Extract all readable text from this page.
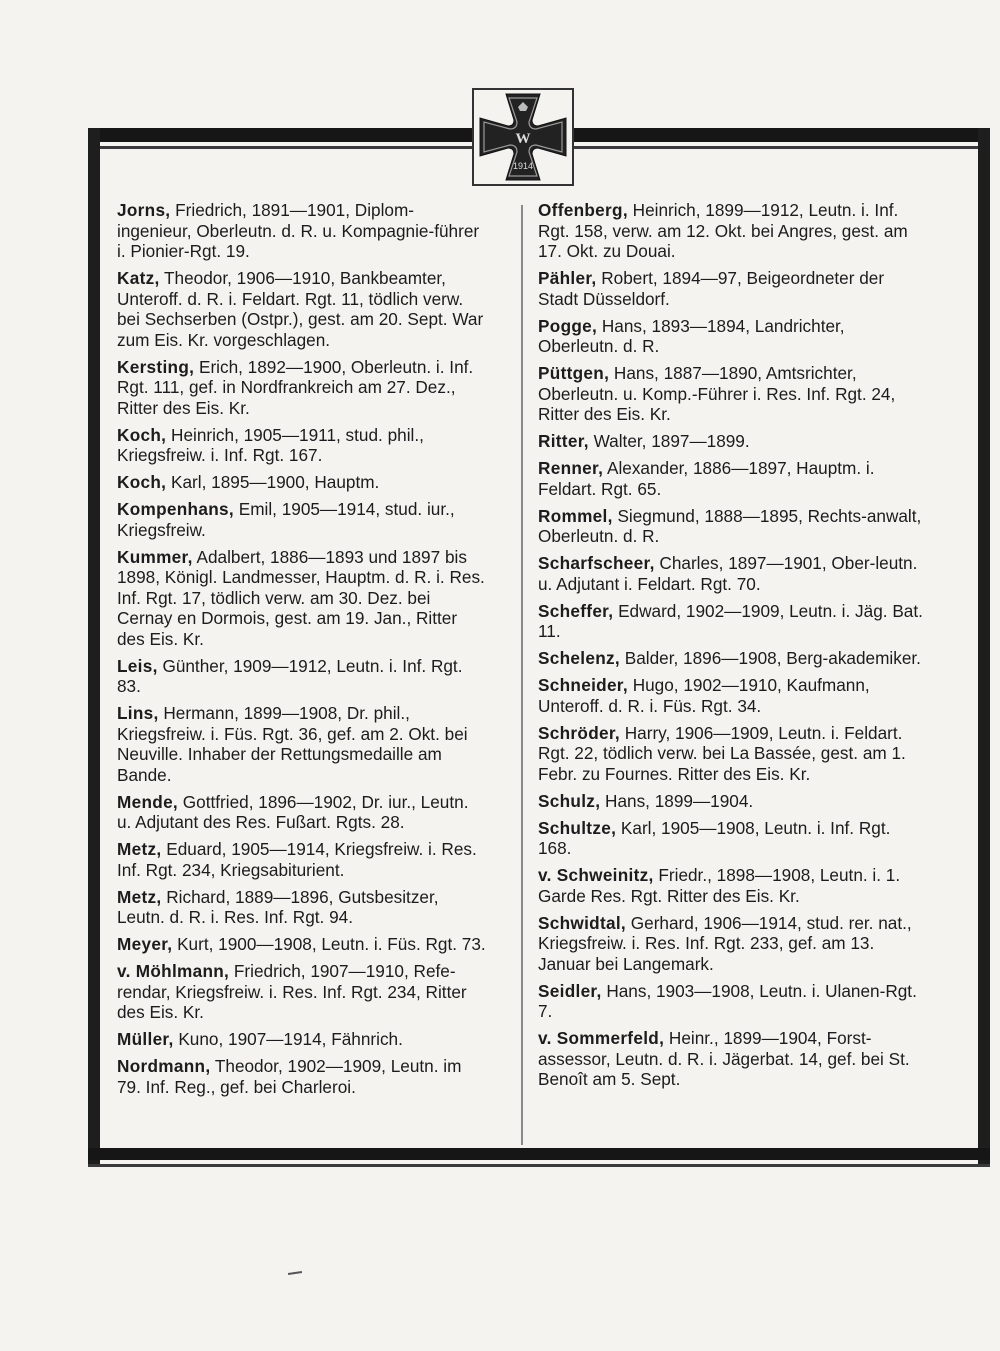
W
1914

Jorns, Friedrich, 1891—1901, Diplom-ingenieur, Oberleutn. d. R. u. Kompagnie-führer i. Pionier-Rgt. 19.

Katz, Theodor, 1906—1910, Bankbeamter, Unteroff. d. R. i. Feldart. Rgt. 11, tödlich verw. bei Sechserben (Ostpr.), gest. am 20. Sept. War zum Eis. Kr. vorgeschlagen.

Kersting, Erich, 1892—1900, Oberleutn. i. Inf. Rgt. 111, gef. in Nordfrankreich am 27. Dez., Ritter des Eis. Kr.

Koch, Heinrich, 1905—1911, stud. phil., Kriegsfreiw. i. Inf. Rgt. 167.

Koch, Karl, 1895—1900, Hauptm.

Kompenhans, Emil, 1905—1914, stud. iur., Kriegsfreiw.

Kummer, Adalbert, 1886—1893 und 1897 bis 1898, Königl. Landmesser, Hauptm. d. R. i. Res. Inf. Rgt. 17, tödlich verw. am 30. Dez. bei Cernay en Dormois, gest. am 19. Jan., Ritter des Eis. Kr.

Leis, Günther, 1909—1912, Leutn. i. Inf. Rgt. 83.

Lins, Hermann, 1899—1908, Dr. phil., Kriegsfreiw. i. Füs. Rgt. 36, gef. am 2. Okt. bei Neuville. Inhaber der Rettungsmedaille am Bande.

Mende, Gottfried, 1896—1902, Dr. iur., Leutn. u. Adjutant des Res. Fußart. Rgts. 28.

Metz, Eduard, 1905—1914, Kriegsfreiw. i. Res. Inf. Rgt. 234, Kriegsabiturient.

Metz, Richard, 1889—1896, Gutsbesitzer, Leutn. d. R. i. Res. Inf. Rgt. 94.

Meyer, Kurt, 1900—1908, Leutn. i. Füs. Rgt. 73.

v. Möhlmann, Friedrich, 1907—1910, Refe-rendar, Kriegsfreiw. i. Res. Inf. Rgt. 234, Ritter des Eis. Kr.

Müller, Kuno, 1907—1914, Fähnrich.

Nordmann, Theodor, 1902—1909, Leutn. im 79. Inf. Reg., gef. bei Charleroi.

Offenberg, Heinrich, 1899—1912, Leutn. i. Inf. Rgt. 158, verw. am 12. Okt. bei Angres, gest. am 17. Okt. zu Douai.

Pähler, Robert, 1894—97, Beigeordneter der Stadt Düsseldorf.

Pogge, Hans, 1893—1894, Landrichter, Oberleutn. d. R.

Püttgen, Hans, 1887—1890, Amtsrichter, Oberleutn. u. Komp.-Führer i. Res. Inf. Rgt. 24, Ritter des Eis. Kr.

Ritter, Walter, 1897—1899.

Renner, Alexander, 1886—1897, Hauptm. i. Feldart. Rgt. 65.

Rommel, Siegmund, 1888—1895, Rechts-anwalt, Oberleutn. d. R.

Scharfscheer, Charles, 1897—1901, Ober-leutn. u. Adjutant i. Feldart. Rgt. 70.

Scheffer, Edward, 1902—1909, Leutn. i. Jäg. Bat. 11.

Schelenz, Balder, 1896—1908, Berg-akademiker.

Schneider, Hugo, 1902—1910, Kaufmann, Unteroff. d. R. i. Füs. Rgt. 34.

Schröder, Harry, 1906—1909, Leutn. i. Feldart. Rgt. 22, tödlich verw. bei La Bassée, gest. am 1. Febr. zu Fournes. Ritter des Eis. Kr.

Schulz, Hans, 1899—1904.

Schultze, Karl, 1905—1908, Leutn. i. Inf. Rgt. 168.

v. Schweinitz, Friedr., 1898—1908, Leutn. i. 1. Garde Res. Rgt. Ritter des Eis. Kr.

Schwidtal, Gerhard, 1906—1914, stud. rer. nat., Kriegsfreiw. i. Res. Inf. Rgt. 233, gef. am 13. Januar bei Langemark.

Seidler, Hans, 1903—1908, Leutn. i. Ulanen-Rgt. 7.

v. Sommerfeld, Heinr., 1899—1904, Forst-assessor, Leutn. d. R. i. Jägerbat. 14, gef. bei St. Benoît am 5. Sept.
